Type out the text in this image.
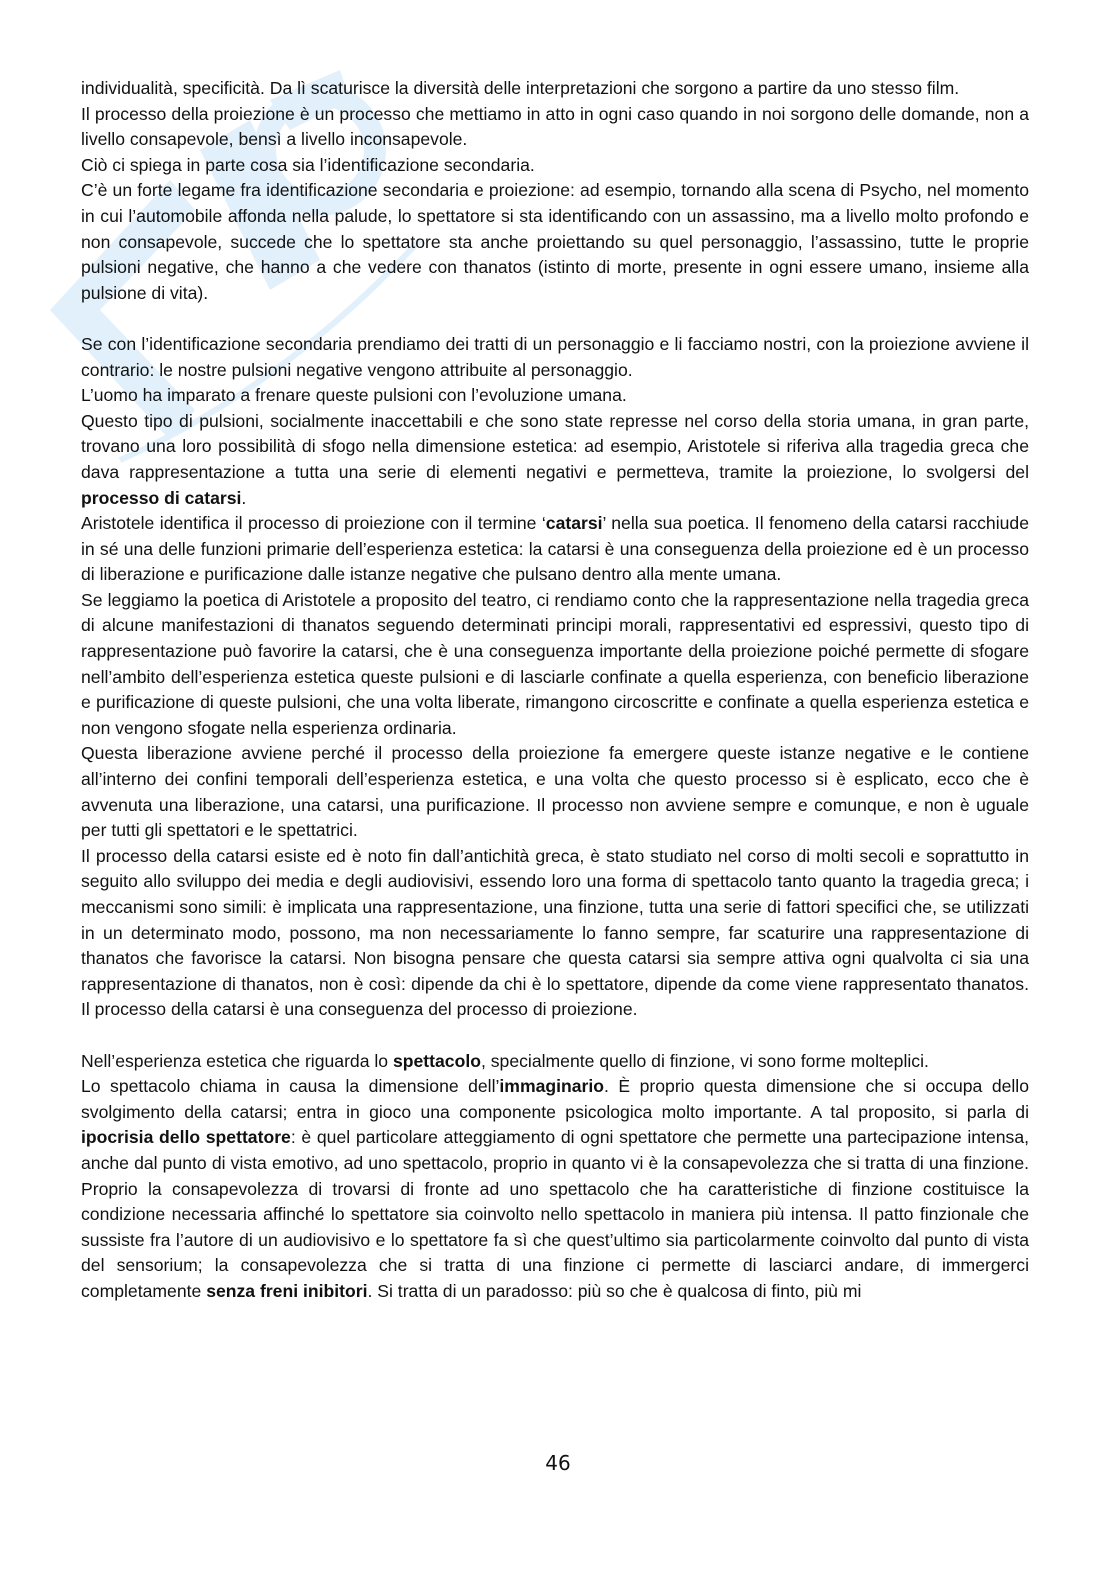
individualità, specificità. Da lì scaturisce la diversità delle interpretazioni che sorgono a partire da uno stesso film.

Il processo della proiezione è un processo che mettiamo in atto in ogni caso quando in noi sorgono delle domande, non a livello consapevole, bensì a livello inconsapevole.

Ciò ci spiega in parte cosa sia l’identificazione secondaria.

C’è un forte legame fra identificazione secondaria e proiezione: ad esempio, tornando alla scena di Psycho, nel momento in cui l’automobile affonda nella palude, lo spettatore si sta identificando con un assassino, ma a livello molto profondo e non consapevole, succede che lo spettatore sta anche proiettando su quel personaggio, l’assassino, tutte le proprie pulsioni negative, che hanno a che vedere con thanatos (istinto di morte, presente in ogni essere umano, insieme alla pulsione di vita).

Se con l’identificazione secondaria prendiamo dei tratti di un personaggio e li facciamo nostri, con la proiezione avviene il contrario: le nostre pulsioni negative vengono attribuite al personaggio.

L’uomo ha imparato a frenare queste pulsioni con l’evoluzione umana.

Questo tipo di pulsioni, socialmente inaccettabili e che sono state represse nel corso della storia umana, in gran parte, trovano una loro possibilità di sfogo nella dimensione estetica: ad esempio, Aristotele si riferiva alla tragedia greca che dava rappresentazione a tutta una serie di elementi negativi e permetteva, tramite la proiezione, lo svolgersi del processo di catarsi.

Aristotele identifica il processo di proiezione con il termine ‘catarsi’ nella sua poetica. Il fenomeno della catarsi racchiude in sé una delle funzioni primarie dell’esperienza estetica: la catarsi è una conseguenza della proiezione ed è un processo di liberazione e purificazione dalle istanze negative che pulsano dentro alla mente umana.

Se leggiamo la poetica di Aristotele a proposito del teatro, ci rendiamo conto che la rappresentazione nella tragedia greca di alcune manifestazioni di thanatos seguendo determinati principi morali, rappresentativi ed espressivi, questo tipo di rappresentazione può favorire la catarsi, che è una conseguenza importante della proiezione poiché permette di sfogare nell’ambito dell’esperienza estetica queste pulsioni e di lasciarle confinate a quella esperienza, con beneficio liberazione e purificazione di queste pulsioni, che una volta liberate, rimangono circoscritte e confinate a quella esperienza estetica e non vengono sfogate nella esperienza ordinaria.

Questa liberazione avviene perché il processo della proiezione fa emergere queste istanze negative e le contiene all’interno dei confini temporali dell’esperienza estetica, e una volta che questo processo si è esplicato, ecco che è avvenuta una liberazione, una catarsi, una purificazione. Il processo non avviene sempre e comunque, e non è uguale per tutti gli spettatori e le spettatrici.

Il processo della catarsi esiste ed è noto fin dall’antichità greca, è stato studiato nel corso di molti secoli e soprattutto in seguito allo sviluppo dei media e degli audiovisivi, essendo loro una forma di spettacolo tanto quanto la tragedia greca; i meccanismi sono simili: è implicata una rappresentazione, una finzione, tutta una serie di fattori specifici che, se utilizzati in un determinato modo, possono, ma non necessariamente lo fanno sempre, far scaturire una rappresentazione di thanatos che favorisce la catarsi. Non bisogna pensare che questa catarsi sia sempre attiva ogni qualvolta ci sia una rappresentazione di thanatos, non è così: dipende da chi è lo spettatore, dipende da come viene rappresentato thanatos. Il processo della catarsi è una conseguenza del processo di proiezione.

Nell’esperienza estetica che riguarda lo spettacolo, specialmente quello di finzione, vi sono forme molteplici.

Lo spettacolo chiama in causa la dimensione dell’immaginario. È proprio questa dimensione che si occupa dello svolgimento della catarsi; entra in gioco una componente psicologica molto importante. A tal proposito, si parla di ipocrisia dello spettatore: è quel particolare atteggiamento di ogni spettatore che permette una partecipazione intensa, anche dal punto di vista emotivo, ad uno spettacolo, proprio in quanto vi è la consapevolezza che si tratta di una finzione. Proprio la consapevolezza di trovarsi di fronte ad uno spettacolo che ha caratteristiche di finzione costituisce la condizione necessaria affinché lo spettatore sia coinvolto nello spettacolo in maniera più intensa. Il patto finzionale che sussiste fra l’autore di un audiovisivo e lo spettatore fa sì che quest’ultimo sia particolarmente coinvolto dal punto di vista del sensorium; la consapevolezza che si tratta di una finzione ci permette di lasciarci andare, di immergerci completamente senza freni inibitori. Si tratta di un paradosso: più so che è qualcosa di finto, più mi

46
